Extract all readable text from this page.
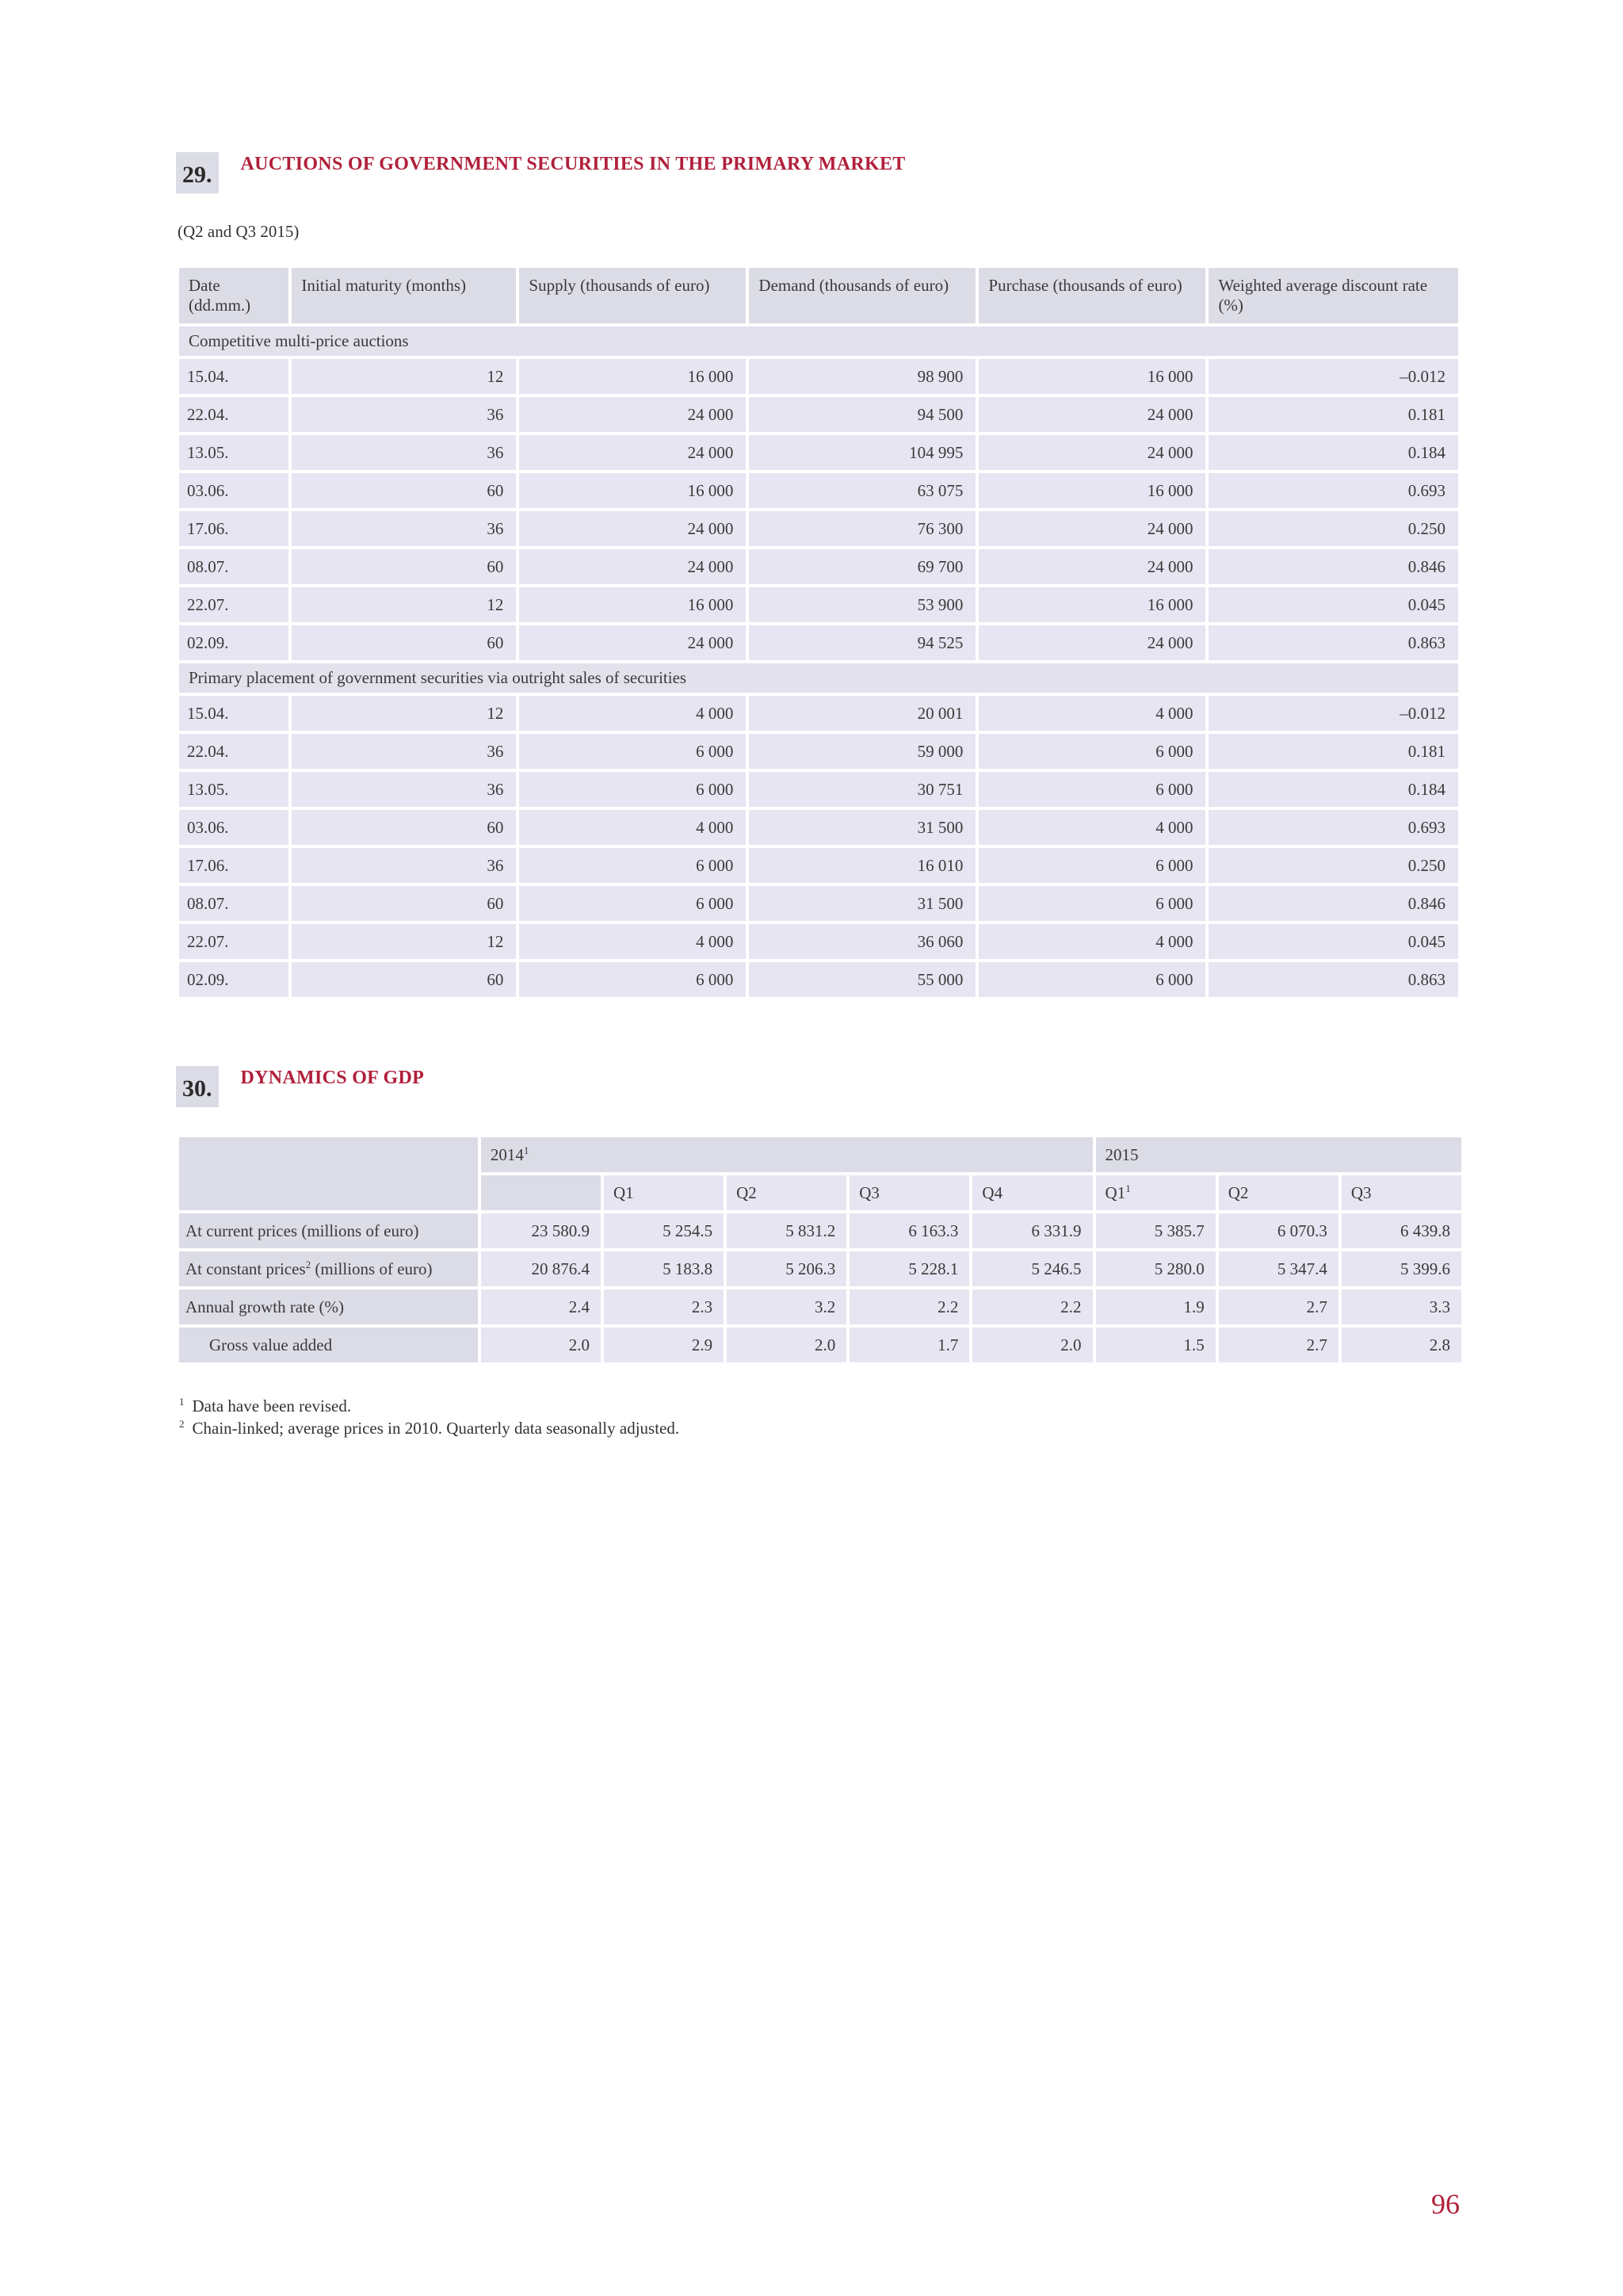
29.	AUCTIONS OF GOVERNMENT SECURITIES IN THE PRIMARY MARKET
(Q2 and Q3 2015)
Date (dd.mm.)	Initial maturity (months)	Supply (thousands of euro)	Demand (thousands of euro)	Purchase (thousands of euro)	Weighted average discount rate (%)
Competitive multi-price auctions					
15.04.	12	16 000	98 900	16 000	–0.012
22.04.	36	24 000	94 500	24 000	0.181
13.05.	36	24 000	104 995	24 000	0.184
03.06.	60	16 000	63 075	16 000	0.693
17.06.	36	24 000	76 300	24 000	0.250
08.07.	60	24 000	69 700	24 000	0.846
22.07.	12	16 000	53 900	16 000	0.045
02.09.	60	24 000	94 525	24 000	0.863
Primary placement of government securities via outright sales of securities					
15.04.	12	4 000	20 001	4 000	–0.012
22.04.	36	6 000	59 000	6 000	0.181
13.05.	36	6 000	30 751	6 000	0.184
03.06.	60	4 000	31 500	4 000	0.693
17.06.	36	6 000	16 010	6 000	0.250
08.07.	60	6 000	31 500	6 000	0.846
22.07.	12	4 000	36 060	4 000	0.045
02.09.	60	6 000	55 000	6 000	0.863
30.	DYNAMICS OF GDP
	2014$^1$					2015		
		Q1	Q2	Q3	Q4	$Q1^1$	Q2	Q3
At current prices (millions of euro)	23 580.9	5 254.5	5 831.2	6 163.3	6 331.9	5 385.7	6 070.3	6 439.8
At constant prices$^2$ (millions of euro)	20 876.4	5 183.8	5 206.3	5 228.1	5 246.5	5 280.0	5 347.4	5 399.6
Annual growth rate (%)	2.4	2.3	3.2	2.2	2.2	1.9	2.7	3.3
Gross value added	2.0	2.9	2.0	1.7	2.0	1.5	2.7	2.8
$^1$ Data have been revised.
$^2$ Chain-linked; average prices in 2010. Quarterly data seasonally adjusted.
96
